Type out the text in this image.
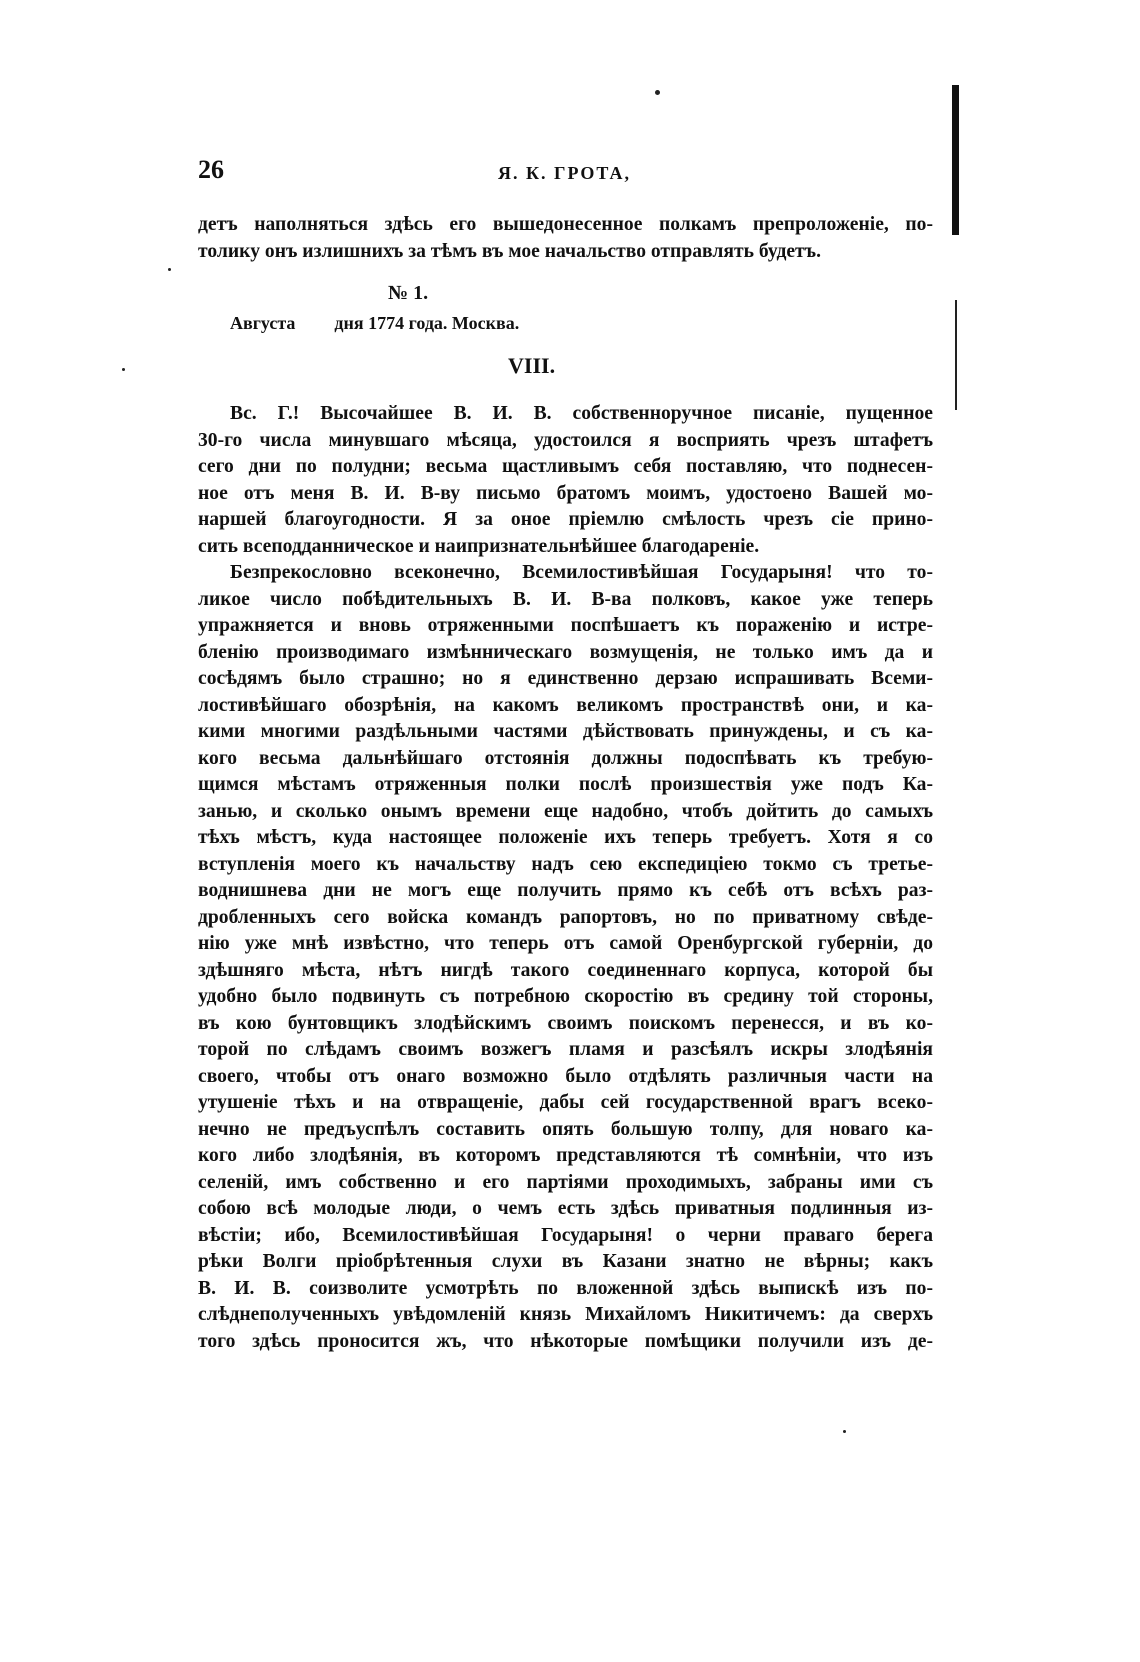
26	Я. К. ГРОТА,
детъ наполняться здѣсь его вышедонесенное полкамъ препроложеніе, по-
толику онъ излишнихъ за тѣмъ въ мое начальство отправлять будетъ.
№ 1.
Августа дня 1774 года. Москва.
VIII.
Вс. Г.! Высочайшее В. И. В. собственноручное писаніе, пущенное
30-го числа минувшаго мѣсяца, удостоился я восприять чрезъ штафетъ
сего дни по полудни; весьма щастливымъ себя поставляю, что поднесен-
ное отъ меня В. И. В-ву письмо братомъ моимъ, удостоено Вашей мо-
наршей благоугодности. Я за оное пріемлю смѣлость чрезъ сіе прино-
сить всеподданническое и наипризнательнѣйшее благодареніе.
Безпрекословно всеконечно, Всемилостивѣйшая Государыня! что то-
ликое число побѣдительныхъ В. И. В-ва полковъ, какое уже теперь
упражняется и вновь отряженными поспѣшаетъ къ пораженію и истре-
бленію производимаго измѣнническаго возмущенія, не только имъ да и
сосѣдямъ было страшно; но я единственно дерзаю испрашивать Всеми-
лостивѣйшаго обозрѣнія, на какомъ великомъ пространствѣ они, и ка-
кими многими раздѣльными частями дѣйствовать принуждены, и съ ка-
кого весьма дальнѣйшаго отстоянія должны подоспѣвать къ требую-
щимся мѣстамъ отряженныя полки послѣ произшествія уже подъ Ка-
занью, и сколько онымъ времени еще надобно, чтобъ дойтить до самыхъ
тѣхъ мѣстъ, куда настоящее положеніе ихъ теперь требуетъ. Хотя я со
вступленія моего къ начальству надъ сею експедиціею токмо съ третье-
воднишнева дни не могъ еще получить прямо къ себѣ отъ всѣхъ раз-
дробленныхъ сего войска командъ рапортовъ, но по приватному свѣде-
нію уже мнѣ извѣстно, что теперь отъ самой Оренбургской губерніи, до
здѣшняго мѣста, нѣтъ нигдѣ такого соединеннаго корпуса, которой бы
удобно было подвинуть съ потребною скоростію въ средину той стороны,
въ кою бунтовщикъ злодѣйскимъ своимъ поискомъ перенесся, и въ ко-
торой по слѣдамъ своимъ возжегъ пламя и разсѣялъ искры злодѣянія
своего, чтобы отъ онаго возможно было отдѣлять различныя части на
утушеніе тѣхъ и на отвращеніе, дабы сей государственной врагъ всеко-
нечно не предъуспѣлъ составить опять большую толпу, для новаго ка-
кого либо злодѣянія, въ которомъ представляются тѣ сомнѣніи, что изъ
селеній, имъ собственно и его партіями проходимыхъ, забраны ими съ
собою всѣ молодые люди, о чемъ есть здѣсь приватныя подлинныя из-
вѣстіи; ибо, Всемилостивѣйшая Государыня! о черни праваго берега
рѣки Волги пріобрѣтенныя слухи въ Казани знатно не вѣрны; какъ
В. И. В. соизволите усмотрѣть по вложенной здѣсь выпискѣ изъ по-
слѣднеполученныхъ увѣдомленій князь Михайломъ Никитичемъ: да сверхъ
того здѣсь проносится жъ, что нѣкоторые помѣщики получили изъ де-
